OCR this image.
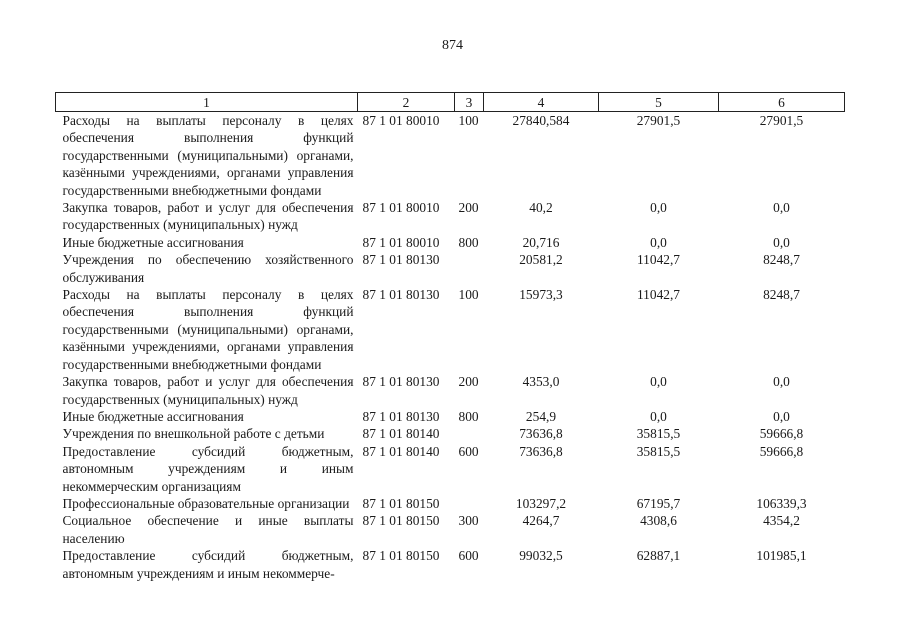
874
1	2	3	4	5	6
Расходы на выплаты персоналу в целях обеспечения выполнения функций государственными (муниципальными) органами, казёнными учреждениями, органами управления государственными внебюджетными фондами	87 1 01 80010	100	27840,584	27901,5	27901,5
Закупка товаров, работ и услуг для обеспечения государственных (муниципальных) нужд	87 1 01 80010	200	40,2	0,0	0,0
Иные бюджетные ассигнования	87 1 01 80010	800	20,716	0,0	0,0
Учреждения по обеспечению хозяйственного обслуживания	87 1 01 80130		20581,2	11042,7	8248,7
Расходы на выплаты персоналу в целях обеспечения выполнения функций государственными (муниципальными) органами, казёнными учреждениями, органами управления государственными внебюджетными фондами	87 1 01 80130	100	15973,3	11042,7	8248,7
Закупка товаров, работ и услуг для обеспечения государственных (муниципальных) нужд	87 1 01 80130	200	4353,0	0,0	0,0
Иные бюджетные ассигнования	87 1 01 80130	800	254,9	0,0	0,0
Учреждения по внешкольной работе с детьми	87 1 01 80140		73636,8	35815,5	59666,8
Предоставление субсидий бюджетным, автономным учреждениям и иным некоммерческим организациям	87 1 01 80140	600	73636,8	35815,5	59666,8
Профессиональные образовательные организации	87 1 01 80150		103297,2	67195,7	106339,3
Социальное обеспечение и иные выплаты населению	87 1 01 80150	300	4264,7	4308,6	4354,2
Предоставление субсидий бюджетным, автономным учреждениям и иным некоммерче-	87 1 01 80150	600	99032,5	62887,1	101985,1
